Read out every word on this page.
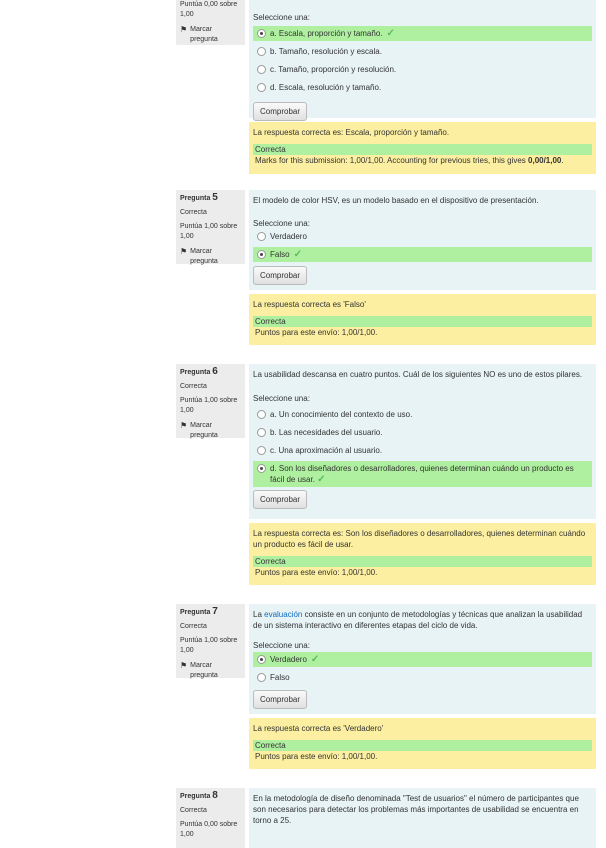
Puntúa 0,00 sobre 1,00
⚑ Marcar pregunta
Seleccione una:
a. Escala, proporción y tamaño. ✓
b. Tamaño, resolución y escala.
c. Tamaño, proporción y resolución.
d. Escala, resolución y tamaño.
Comprobar
La respuesta correcta es: Escala, proporción y tamaño.
Correcta
Marks for this submission: 1,00/1,00. Accounting for previous tries, this gives 0,00/1,00.
Pregunta 5
Correcta
Puntúa 1,00 sobre 1,00
⚑ Marcar pregunta
El modelo de color HSV, es un modelo basado en el dispositivo de presentación.
Seleccione una:
Verdadero
Falso ✓
Comprobar
La respuesta correcta es 'Falso'
Correcta
Puntos para este envío: 1,00/1,00.
Pregunta 6
Correcta
Puntúa 1,00 sobre 1,00
⚑ Marcar pregunta
La usabilidad descansa en cuatro puntos. Cuál de los siguientes NO es uno de estos pilares.
Seleccione una:
a. Un conocimiento del contexto de uso.
b. Las necesidades del usuario.
c. Una aproximación al usuario.
d. Son los diseñadores o desarrolladores, quienes determinan cuándo un producto es fácil de usar. ✓
Comprobar
La respuesta correcta es: Son los diseñadores o desarrolladores, quienes determinan cuándo un producto es fácil de usar.
Correcta
Puntos para este envío: 1,00/1,00.
Pregunta 7
Correcta
Puntúa 1,00 sobre 1,00
⚑ Marcar pregunta
La evaluación consiste en un conjunto de metodologías y técnicas que analizan la usabilidad de un sistema interactivo en diferentes etapas del ciclo de vida.
Seleccione una:
Verdadero ✓
Falso
Comprobar
La respuesta correcta es 'Verdadero'
Correcta
Puntos para este envío: 1,00/1,00.
Pregunta 8
Correcta
Puntúa 0,00 sobre 1,00
En la metodología de diseño denominada "Test de usuarios" el número de participantes que son necesarios para detectar los problemas más importantes de usabilidad se encuentra en torno a 25.
